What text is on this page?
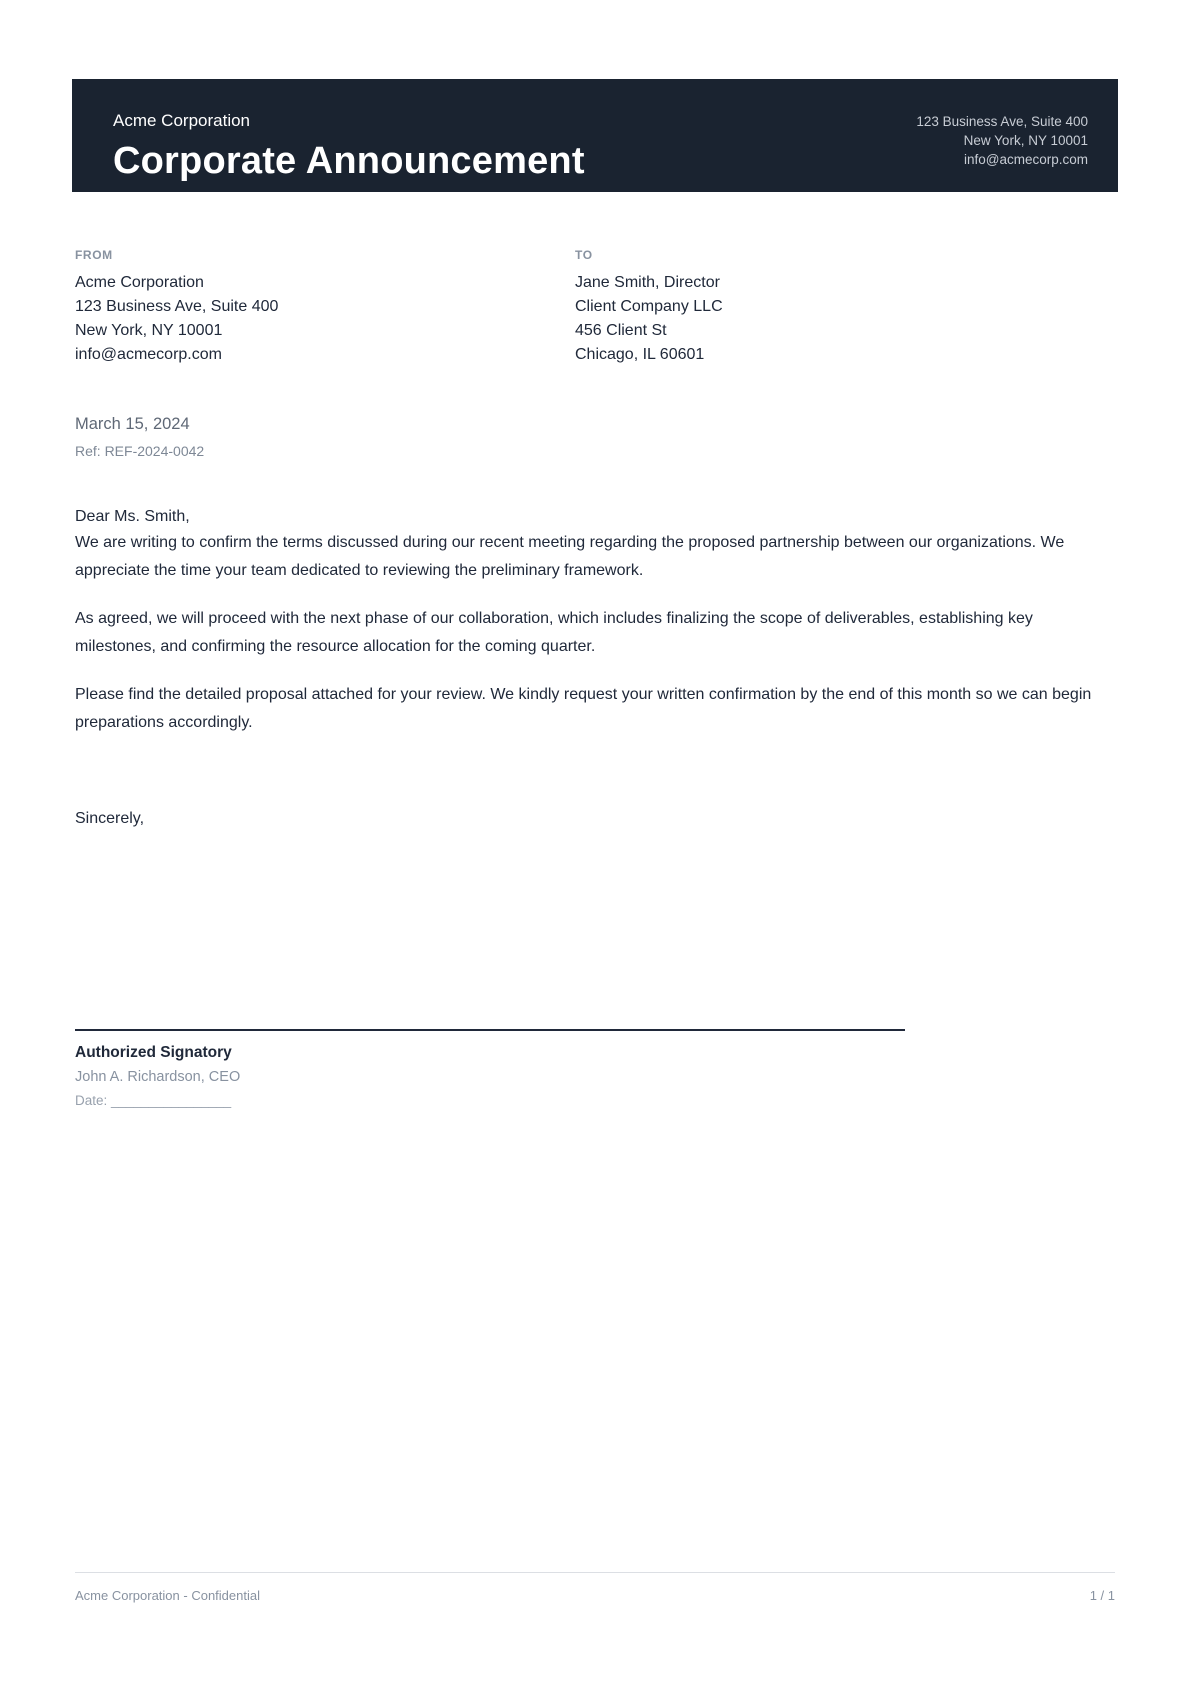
Acme Corporation
Corporate Announcement
123 Business Ave, Suite 400
New York, NY 10001
info@acmecorp.com
FROM
Acme Corporation
123 Business Ave, Suite 400
New York, NY 10001
info@acmecorp.com
TO
Jane Smith, Director
Client Company LLC
456 Client St
Chicago, IL 60601
March 15, 2024
Ref: REF-2024-0042

Dear Ms. Smith,

We are writing to confirm the terms discussed during our recent meeting regarding the proposed partnership between our organizations. We appreciate the time your team dedicated to reviewing the preliminary framework.

As agreed, we will proceed with the next phase of our collaboration, which includes finalizing the scope of deliverables, establishing key milestones, and confirming the resource allocation for the coming quarter.

Please find the detailed proposal attached for your review. We kindly request your written confirmation by the end of this month so we can begin preparations accordingly.

Sincerely,

Authorized Signatory
John A. Richardson, CEO
Date: ________________
Acme Corporation - Confidential	1 / 1
